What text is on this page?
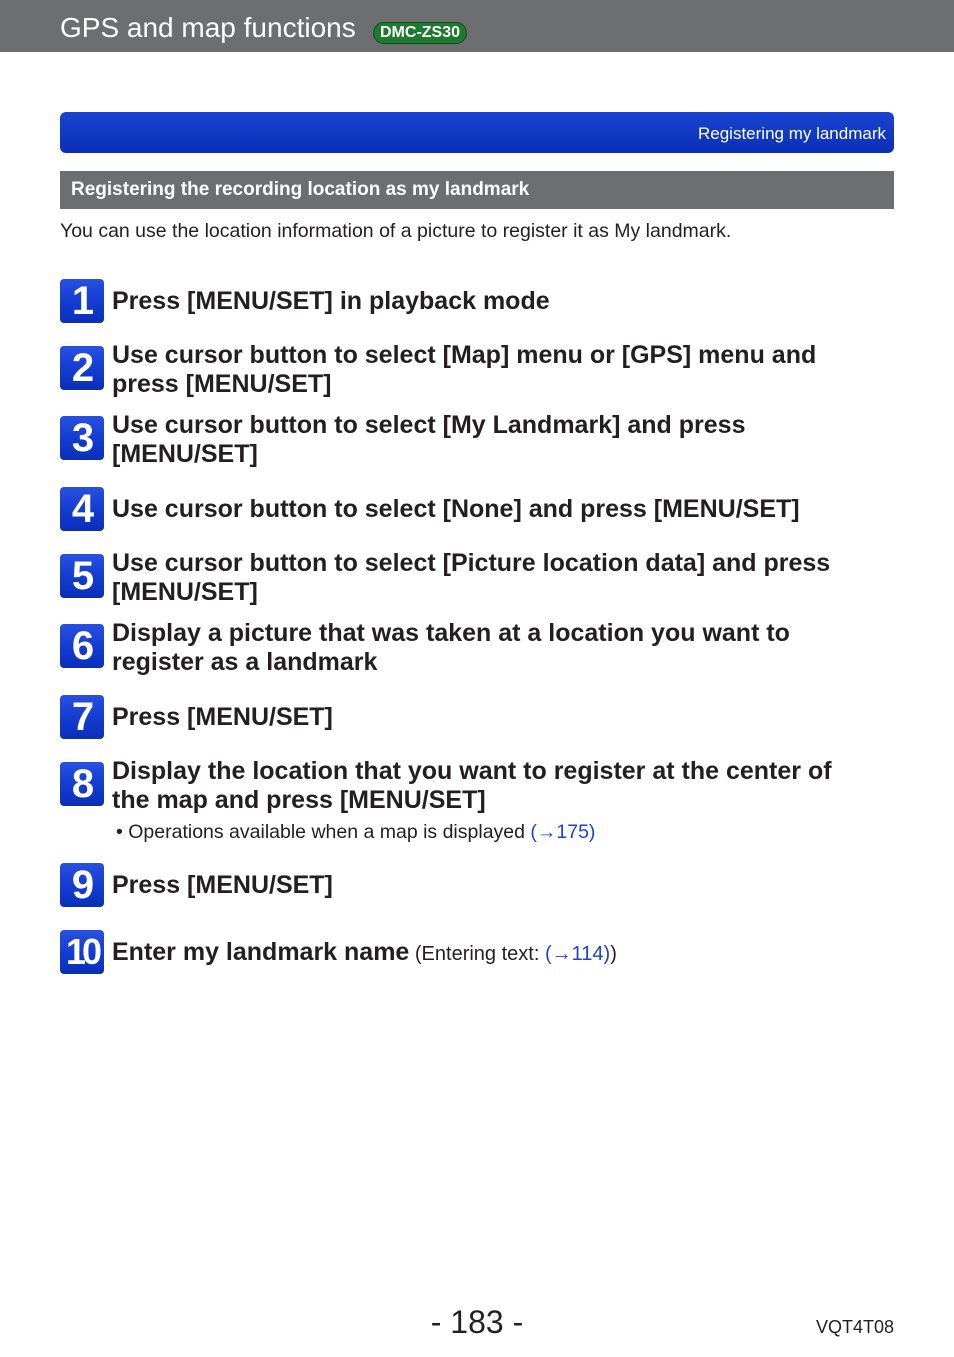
GPS and map functions	DMC-ZS30
Registering my landmark
Registering the recording location as my landmark

You can use the location information of a picture to register it as My landmark.

1 Press [MENU/SET] in playback mode
2 Use cursor button to select [Map] menu or [GPS] menu and
press [MENU/SET]
3 Use cursor button to select [My Landmark] and press
[MENU/SET]
4 Use cursor button to select [None] and press [MENU/SET]
5 Use cursor button to select [Picture location data] and press
[MENU/SET]
6 Display a picture that was taken at a location you want to
register as a landmark
7 Press [MENU/SET]
8 Display the location that you want to register at the center of
the map and press [MENU/SET]
• Operations available when a map is displayed (→175)
9 Press [MENU/SET]
10 Enter my landmark name (Entering text: (→114))
- 183 -	VQT4T08
